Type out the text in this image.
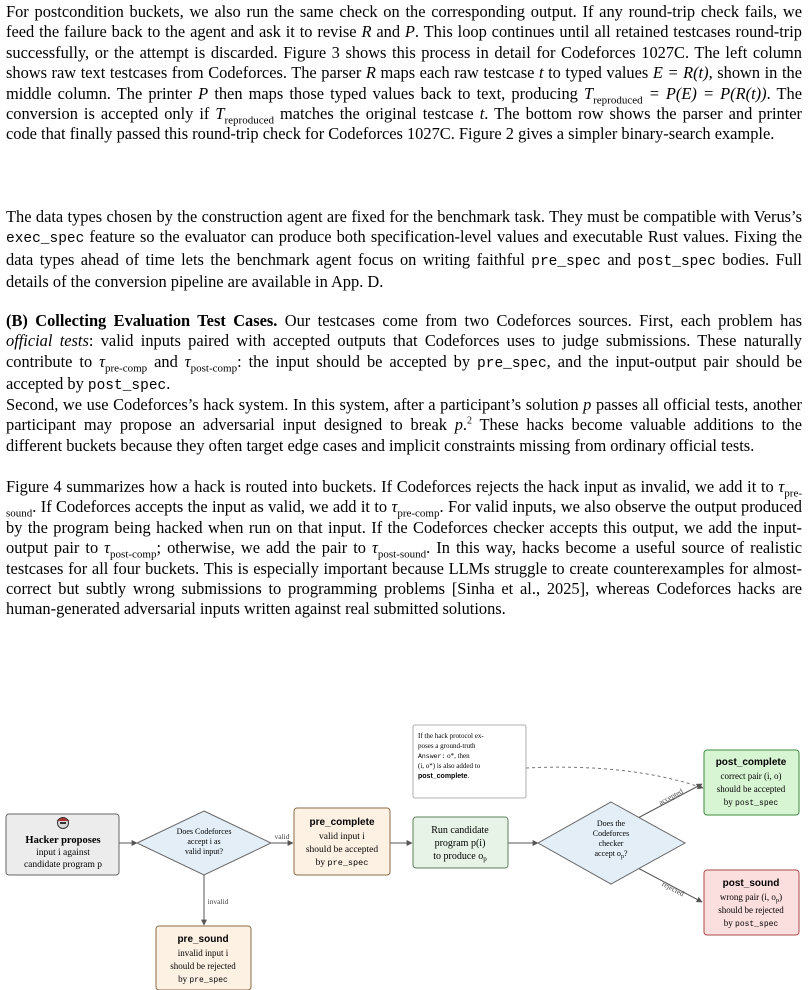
For postcondition buckets, we also run the same check on the corresponding output. If any round-trip check fails, we feed the failure back to the agent and ask it to revise R and P. This loop continues until all retained testcases round-trip successfully, or the attempt is discarded. Figure 3 shows this process in detail for Codeforces 1027C. The left column shows raw text testcases from Codeforces. The parser R maps each raw testcase t to typed values E = R(t), shown in the middle column. The printer P then maps those typed values back to text, producing $T_{reproduced} = P(E) = P(R(t))$. The conversion is accepted only if $T_{reproduced}$ matches the original testcase t. The bottom row shows the parser and printer code that finally passed this round-trip check for Codeforces 1027C. Figure 2 gives a simpler binary-search example.

The data types chosen by the construction agent are fixed for the benchmark task. They must be compatible with Verus’s exec_spec feature so the evaluator can produce both specification-level values and executable Rust values. Fixing the data types ahead of time lets the benchmark agent focus on writing faithful pre_spec and post_spec bodies. Full details of the conversion pipeline are available in App. D.

(B) Collecting Evaluation Test Cases. Our testcases come from two Codeforces sources. First, each problem has official tests: valid inputs paired with accepted outputs that Codeforces uses to judge submissions. These naturally contribute to $\tau_{pre-comp}$ and $\tau_{post-comp}$: the input should be accepted by pre_spec, and the input-output pair should be accepted by post_spec.

Second, we use Codeforces’s hack system. In this system, after a participant’s solution p passes all official tests, another participant may propose an adversarial input designed to break p.$^2$ These hacks become valuable additions to the different buckets because they often target edge cases and implicit constraints missing from ordinary official tests.

Figure 4 summarizes how a hack is routed into buckets. If Codeforces rejects the hack input as invalid, we add it to $\tau_{pre-sound}$. If Codeforces accepts the input as valid, we add it to $\tau_{pre-comp}$. For valid inputs, we also observe the output produced by the program being hacked when run on that input. If the Codeforces checker accepts this output, we add the input-output pair to $\tau_{post-comp}$; otherwise, we add the pair to $\tau_{post-sound}$. In this way, hacks become a useful source of realistic testcases for all four buckets. This is especially important because LLMs struggle to create counterexamples for almost-correct but subtly wrong submissions to programming problems [Sinha et al., 2025], whereas Codeforces hacks are human-generated adversarial inputs written against real submitted solutions.

Hacker proposes
input i against
candidate program p
Does Codeforces
accept i as
valid input?
valid
invalid
pre_complete
valid input i
should be accepted
by pre_spec
Run candidate
program p(i)
to produce $o_p$
Does the
Codeforces
checker
accept $o_p$?
accepted
rejected
post_complete
correct pair (i, o)
should be accepted
by post_spec
post_sound
wrong pair (i, $o_p$)
should be rejected
by post_spec
pre_sound
invalid input i
should be rejected
by pre_spec
If the hack protocol ex-
poses a ground-truth
Answer: o*, then
(i, o*) is also added to
post_complete.
